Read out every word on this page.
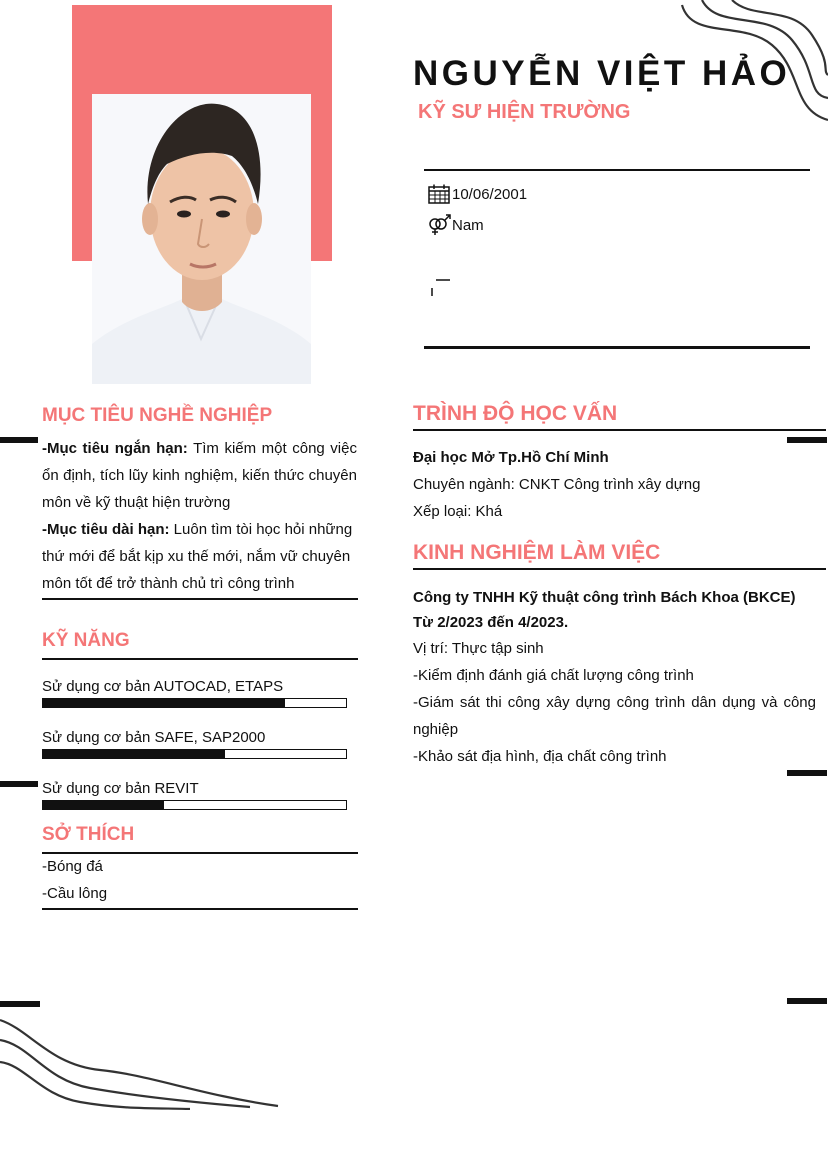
NGUYỄN VIỆT HẢO
KỸ SƯ HIỆN TRƯỜNG
10/06/2001
Nam
MỤC TIÊU NGHỀ NGHIỆP
-Mục tiêu ngắn hạn: Tìm kiếm một công việc ổn định, tích lũy kinh nghiệm, kiến thức chuyên môn về kỹ thuật hiện trường
-Mục tiêu dài hạn: Luôn tìm tòi học hỏi những thứ mới để bắt kịp xu thế mới, nắm vữ chuyên môn tốt để trở thành chủ trì công trình
KỸ NĂNG
Sử dụng cơ bản AUTOCAD, ETAPS
Sử dụng cơ bản SAFE, SAP2000
Sử dụng cơ bản REVIT
SỞ THÍCH
-Bóng đá
-Cầu lông
TRÌNH ĐỘ HỌC VẤN
Đại học Mở Tp.Hồ Chí Minh
Chuyên ngành: CNKT Công trình xây dựng
Xếp loại: Khá
KINH NGHIỆM LÀM VIỆC
Công ty TNHH Kỹ thuật công trình Bách Khoa (BKCE)
Từ 2/2023 đến 4/2023.
Vị trí: Thực tập sinh
-Kiểm định đánh giá chất lượng công trình
-Giám sát thi công xây dựng công trình dân dụng và công nghiệp
-Khảo sát địa hình, địa chất công trình
